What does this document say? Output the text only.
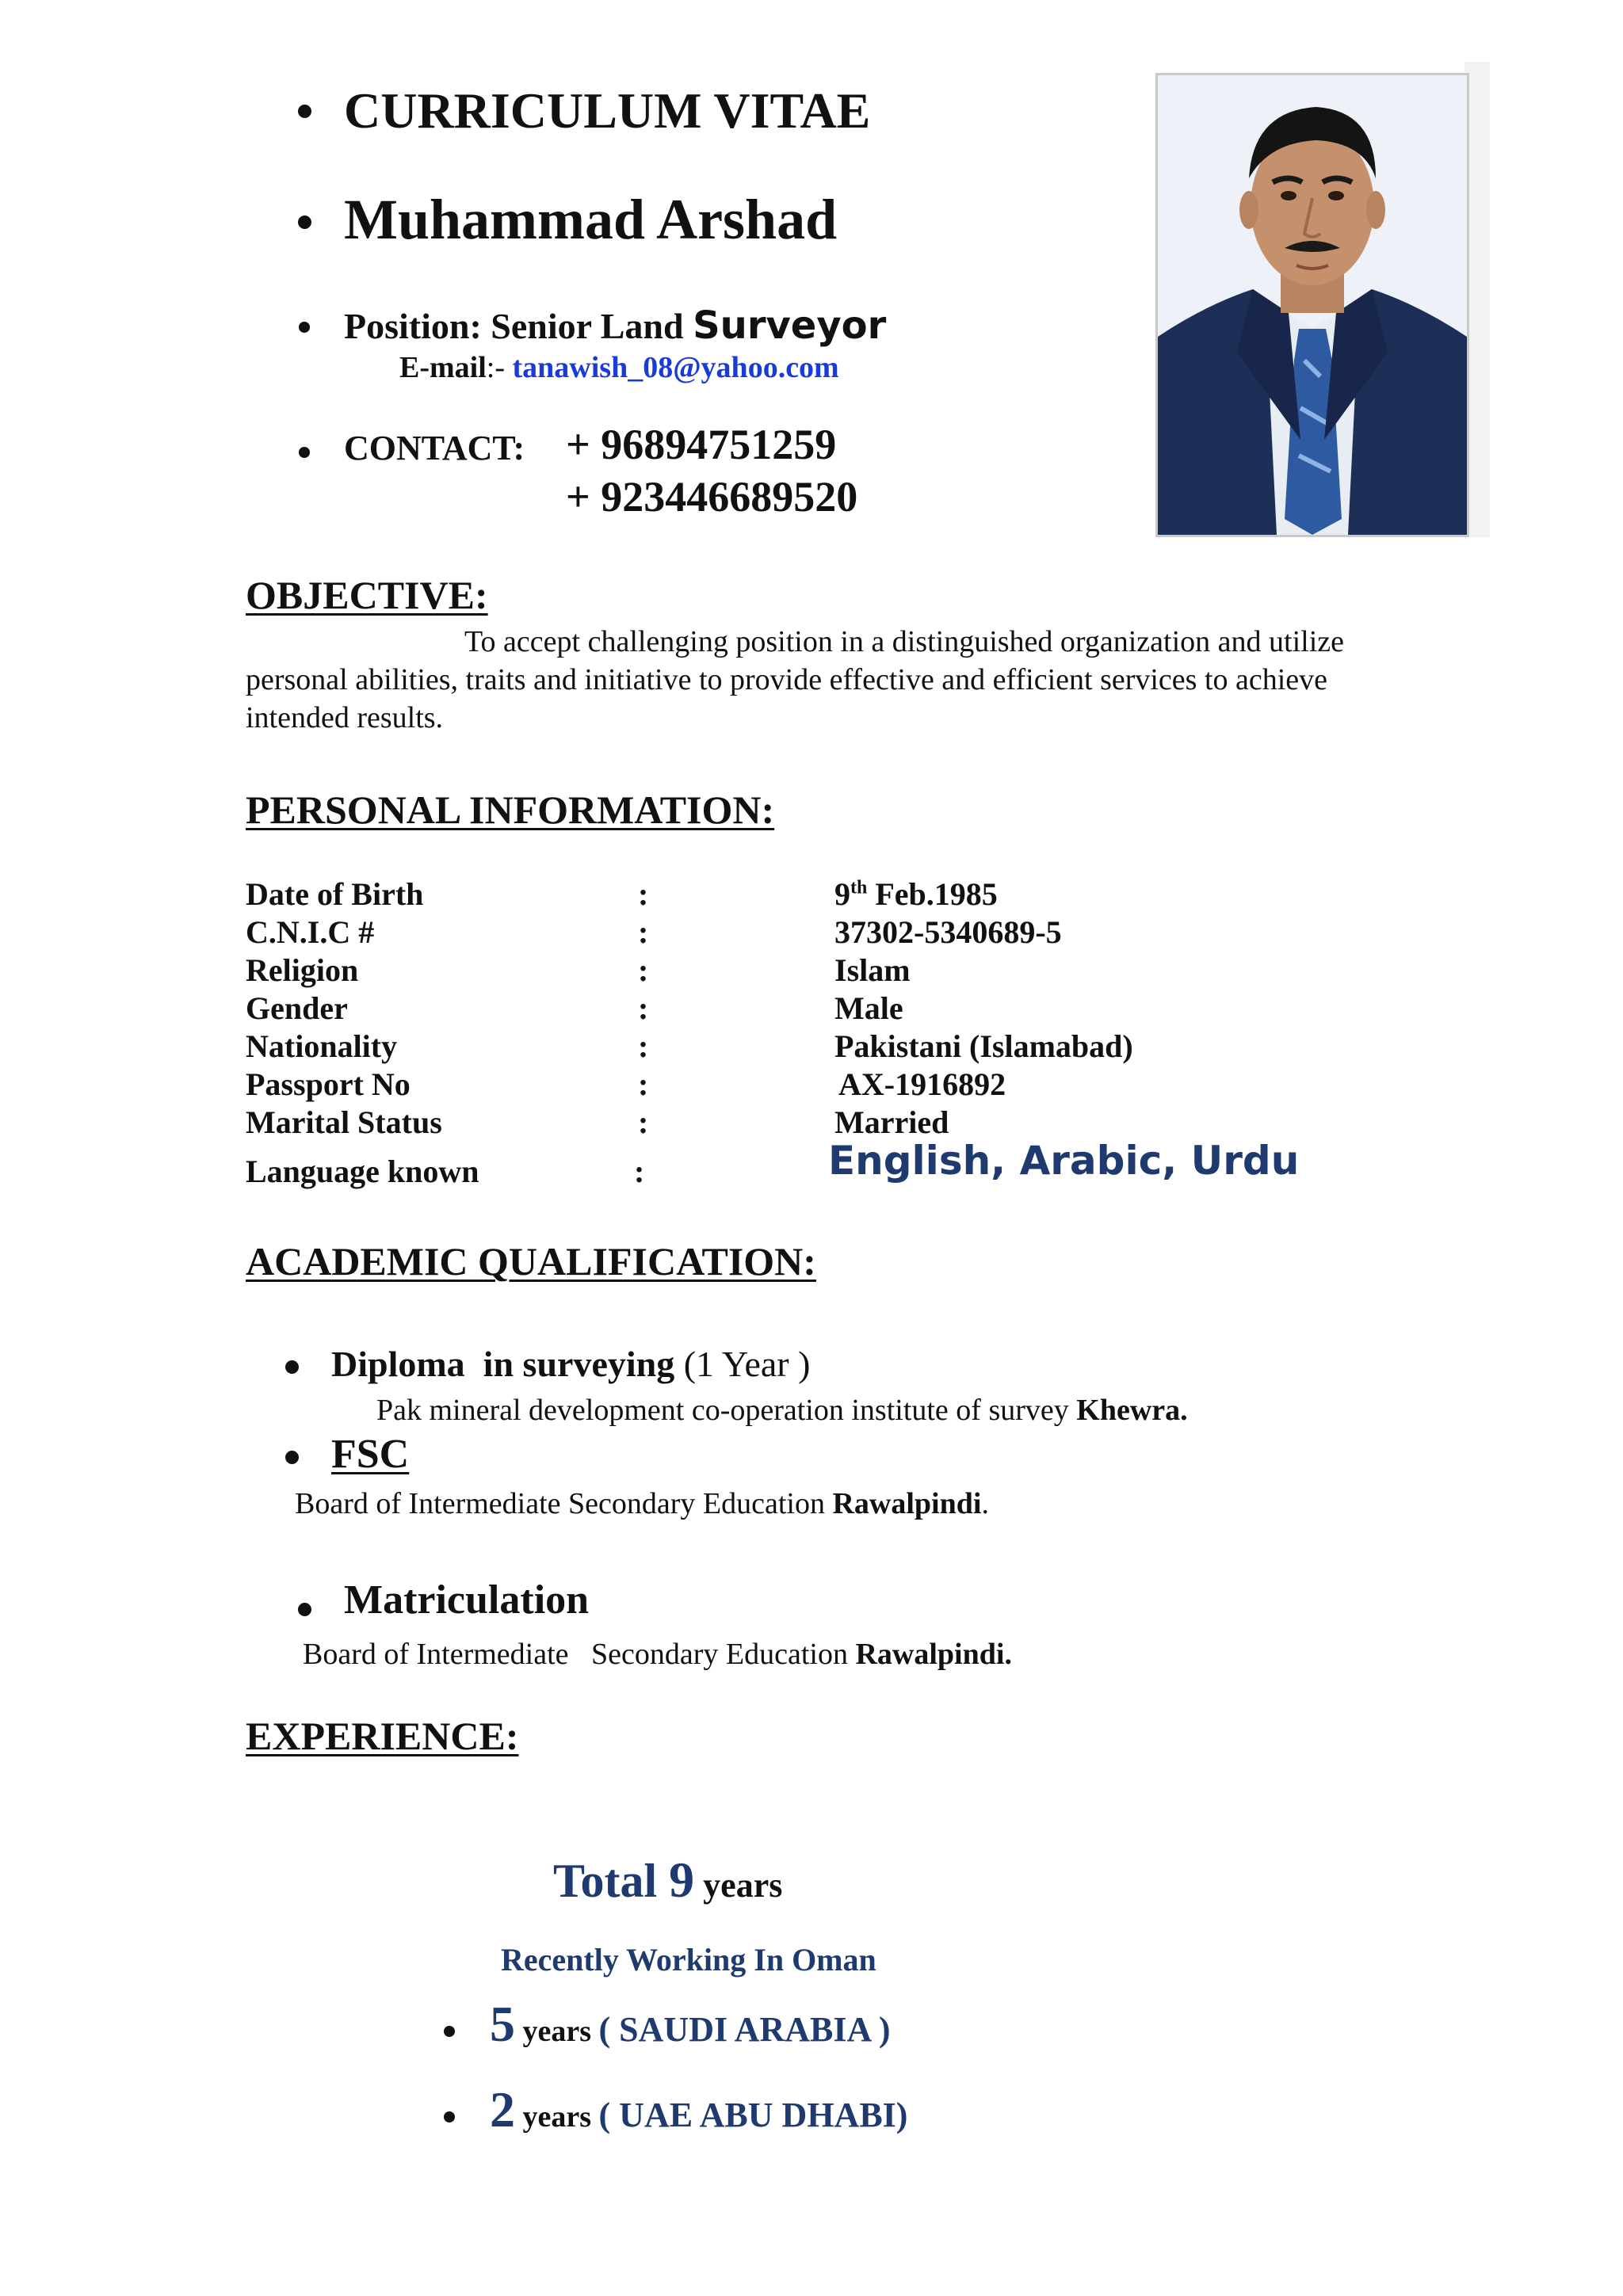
CURRICULUM VITAE
Muhammad Arshad
Position: Senior Land Surveyor
E-mail:- tanawish_08@yahoo.com
CONTACT: + 96894751259
+ 923446689520
OBJECTIVE:
To accept challenging position in a distinguished organization and utilize
personal abilities, traits and initiative to provide effective and efficient services to achieve
intended results.
PERSONAL INFORMATION:
Date of Birth	:	9th Feb.1985
C.N.I.C #	:	37302-5340689-5
Religion	:	Islam
Gender	:	Male
Nationality	:	Pakistani (Islamabad)
Passport No	:	AX-1916892
Marital Status	:	Married
Language known	:	English, Arabic, Urdu
ACADEMIC QUALIFICATION:
Diploma  in surveying (1 Year )
Pak mineral development co-operation institute of survey Khewra.
FSC
Board of Intermediate Secondary Education Rawalpindi.
Matriculation
Board of Intermediate   Secondary Education Rawalpindi.
EXPERIENCE:
Total 9 years
Recently Working In Oman
5 years ( SAUDI ARABIA )
2 years ( UAE ABU DHABI)
